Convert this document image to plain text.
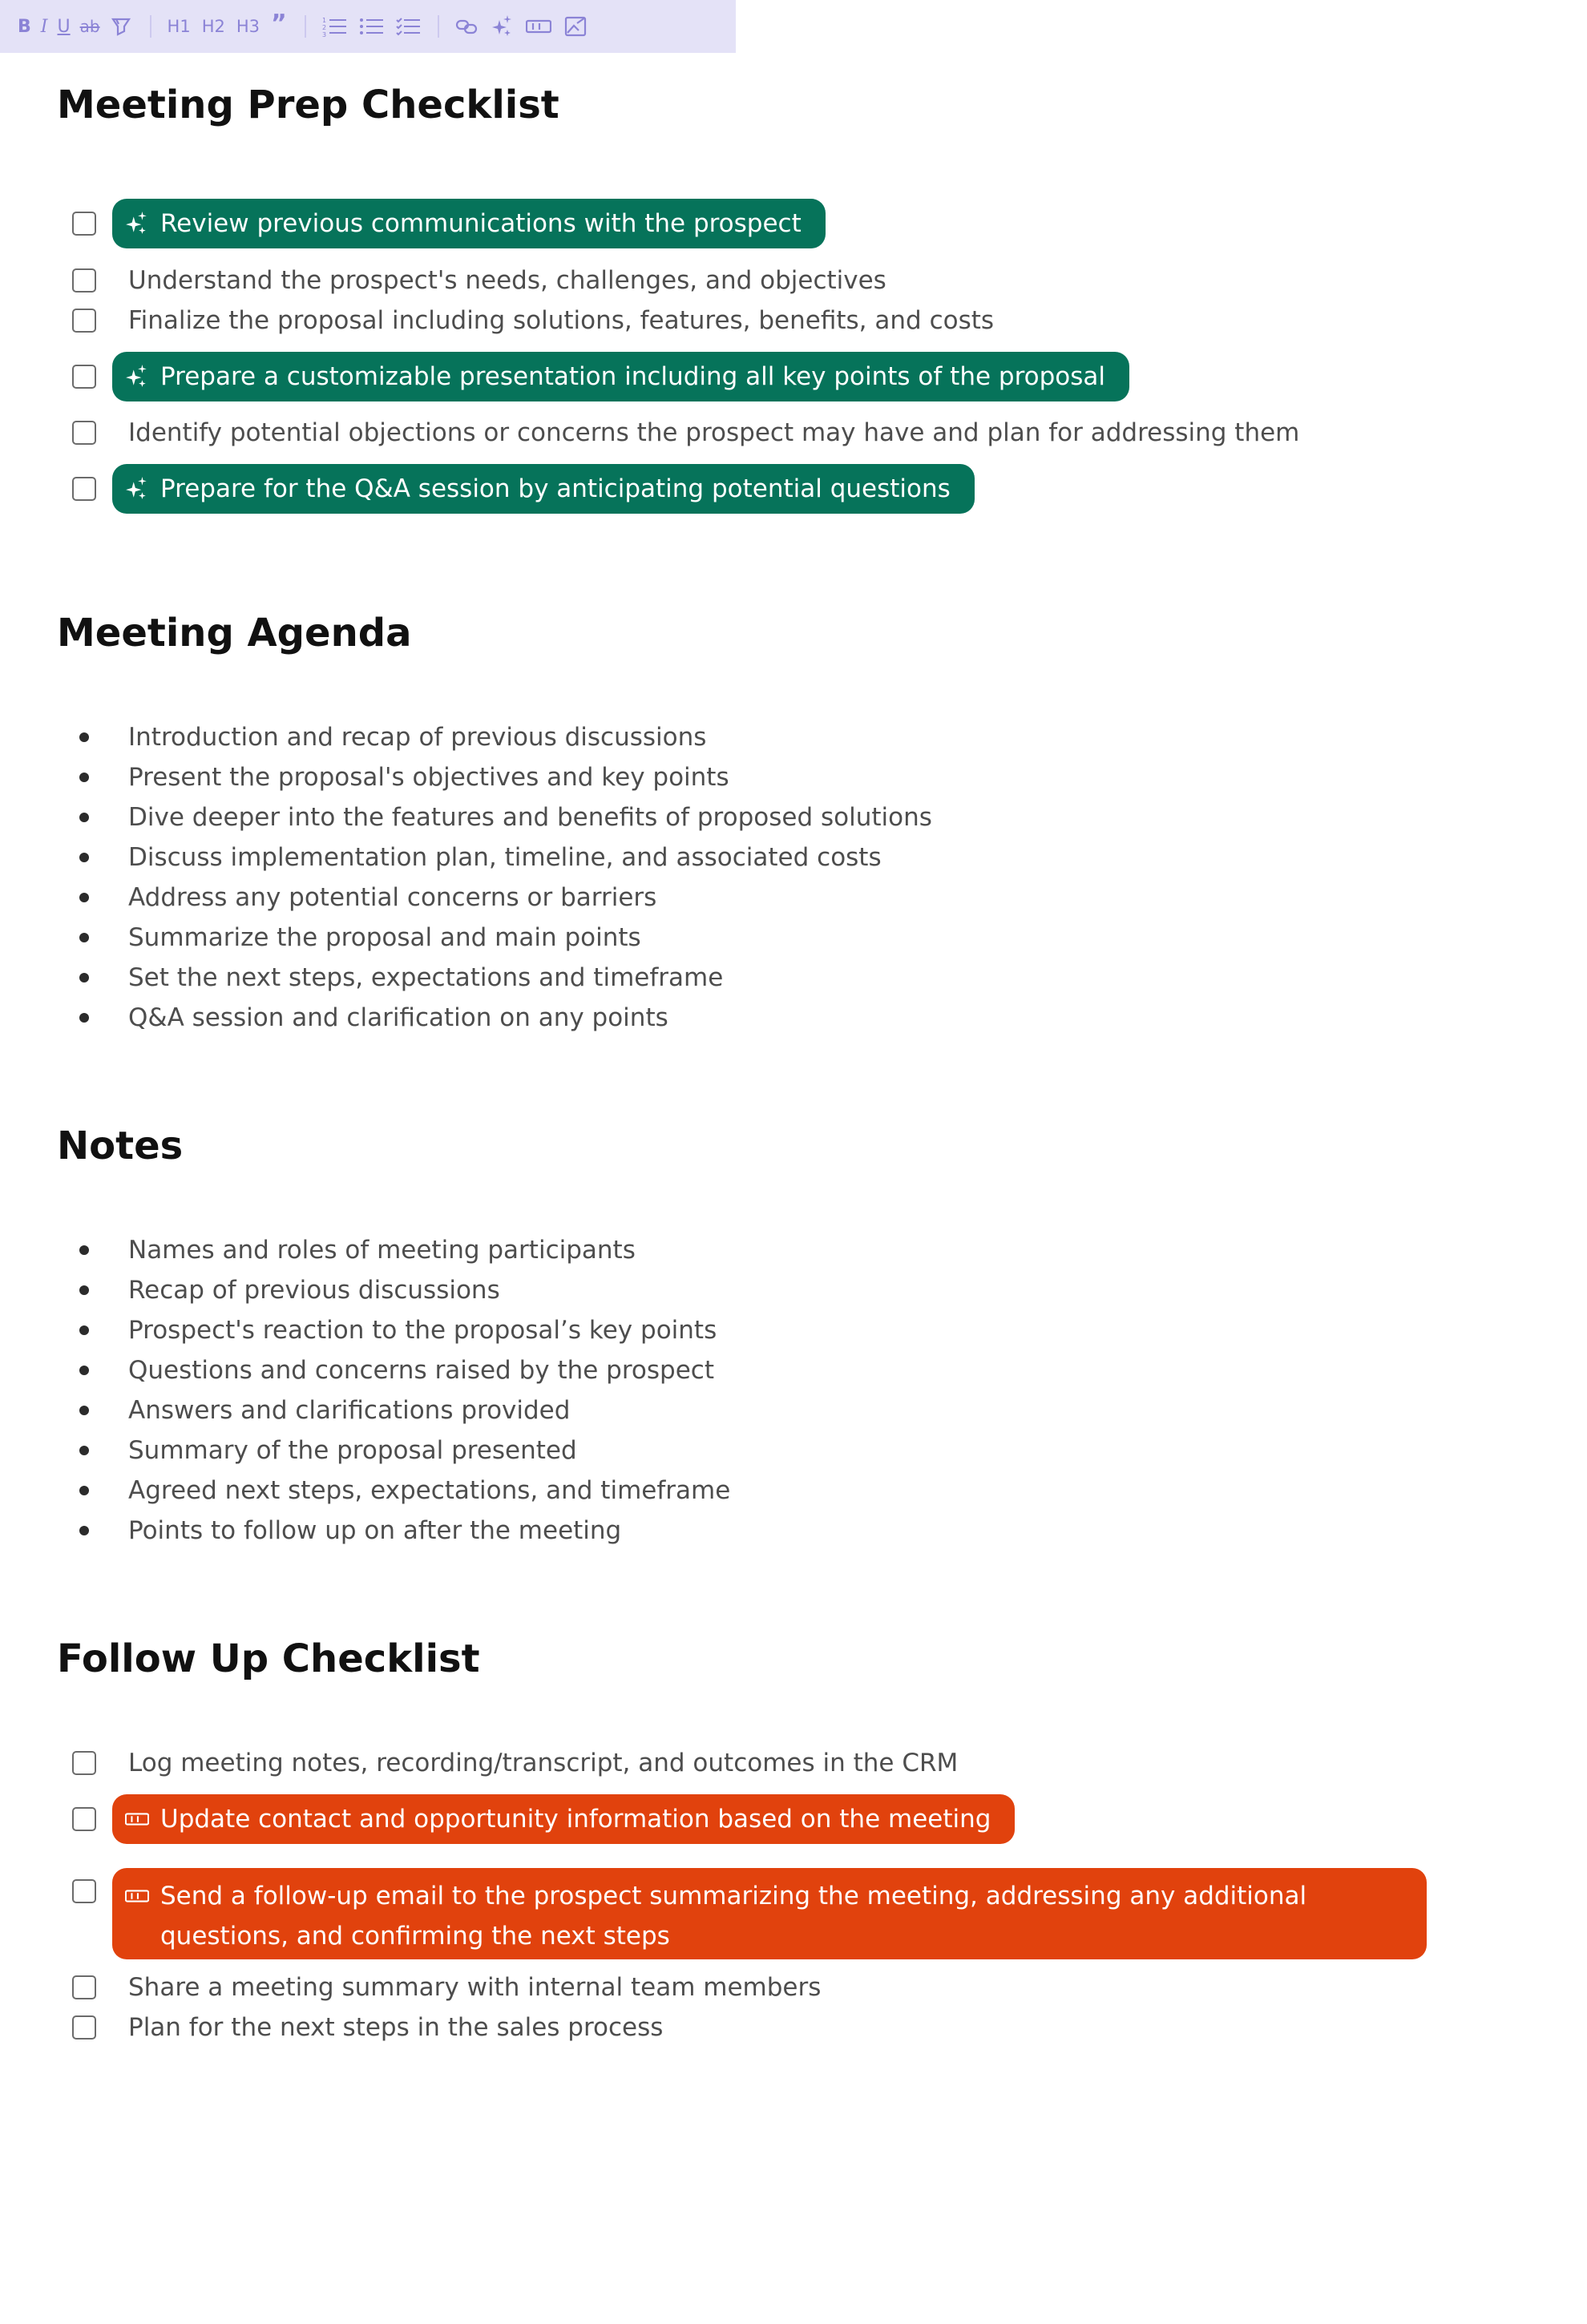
B I U ab	H1 H2 H3 ”	1
2
3
Meeting Prep Checklist
Review previous communications with the prospect
Understand the prospect's needs, challenges, and objectives
Finalize the proposal including solutions, features, benefits, and costs
Prepare a customizable presentation including all key points of the proposal
Identify potential objections or concerns the prospect may have and plan for addressing them
Prepare for the Q&A session by anticipating potential questions
Meeting Agenda
Introduction and recap of previous discussions
Present the proposal's objectives and key points
Dive deeper into the features and benefits of proposed solutions
Discuss implementation plan, timeline, and associated costs
Address any potential concerns or barriers
Summarize the proposal and main points
Set the next steps, expectations and timeframe
Q&A session and clarification on any points
Notes
Names and roles of meeting participants
Recap of previous discussions
Prospect's reaction to the proposal’s key points
Questions and concerns raised by the prospect
Answers and clarifications provided
Summary of the proposal presented
Agreed next steps, expectations, and timeframe
Points to follow up on after the meeting
Follow Up Checklist
Log meeting notes, recording/transcript, and outcomes in the CRM
Update contact and opportunity information based on the meeting
Send a follow-up email to the prospect summarizing the meeting, addressing any additional questions, and confirming the next steps
Share a meeting summary with internal team members
Plan for the next steps in the sales process
